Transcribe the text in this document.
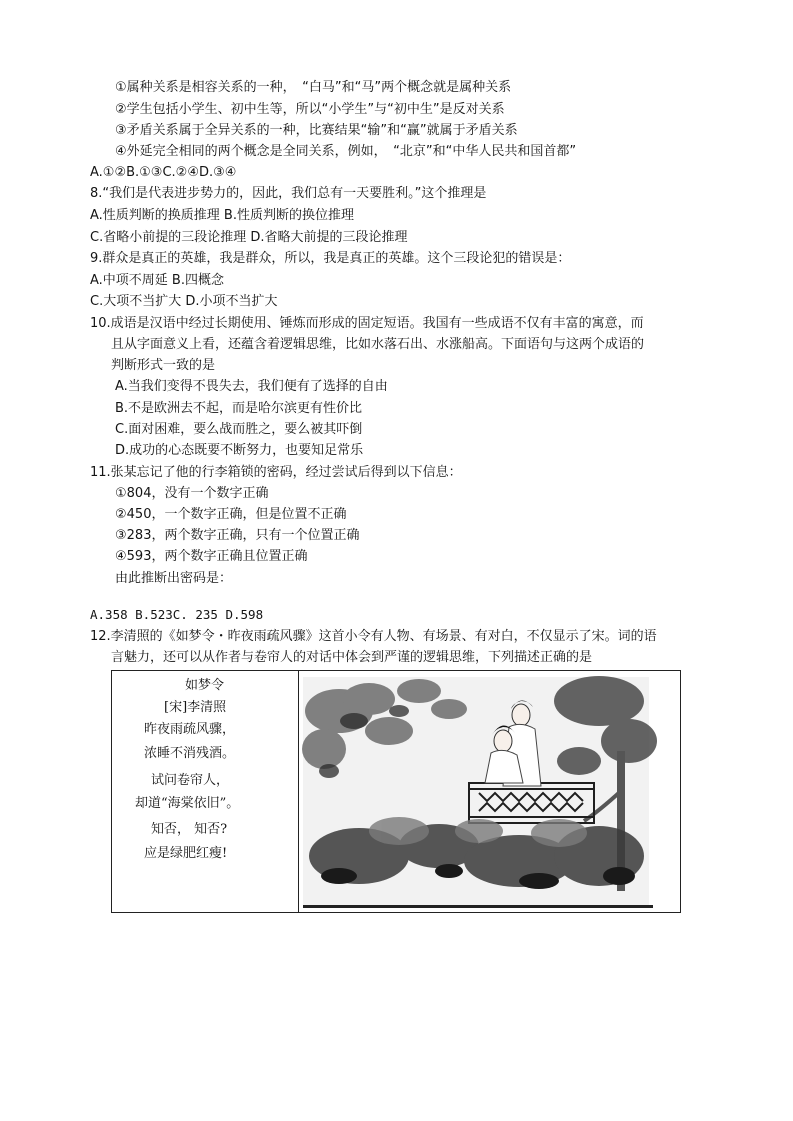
①属种关系是相容关系的一种，　“白马”和“马”两个概念就是属种关系
②学生包括小学生、初中生等，所以“小学生”与“初中生”是反对关系
③矛盾关系属于全异关系的一种，比赛结果“输”和“赢”就属于矛盾关系
④外延完全相同的两个概念是全同关系，例如，　“北京”和“中华人民共和国首都”
A.①②B.①③C.②④D.③④
8.“我们是代表进步势力的，因此，我们总有一天要胜利。”这个推理是
A.性质判断的换质推理 B.性质判断的换位推理
C.省略小前提的三段论推理 D.省略大前提的三段论推理
9.群众是真正的英雄，我是群众，所以，我是真正的英雄。这个三段论犯的错误是：
A.中项不周延 B.四概念
C.大项不当扩大 D.小项不当扩大
10.成语是汉语中经过长期使用、锤炼而形成的固定短语。我国有一些成语不仅有丰富的寓意，而
且从字面意义上看，还蕴含着逻辑思维，比如水落石出、水涨船高。下面语句与这两个成语的
判断形式一致的是
A.当我们变得不畏失去，我们便有了选择的自由
B.不是欧洲去不起，而是哈尔滨更有性价比
C.面对困难，要么战而胜之，要么被其吓倒
D.成功的心态既要不断努力，也要知足常乐
11.张某忘记了他的行李箱锁的密码，经过尝试后得到以下信息：
①804，没有一个数字正确
②450，一个数字正确，但是位置不正确
③283，两个数字正确，只有一个位置正确
④593，两个数字正确且位置正确
由此推断出密码是：
A.358 B.523C. 235 D.598
12.李清照的《如梦令・昨夜雨疏风骤》这首小令有人物、有场景、有对白，不仅显示了宋。词的语
言魅力，还可以从作者与卷帘人的对话中体会到严谨的逻辑思维，下列描述正确的是
如梦令
[宋]李清照
昨夜雨疏风骤，
浓睡不消残酒。
试问卷帘人，
却道“海棠依旧”。
知否， 知否?
应是绿肥红瘦!
